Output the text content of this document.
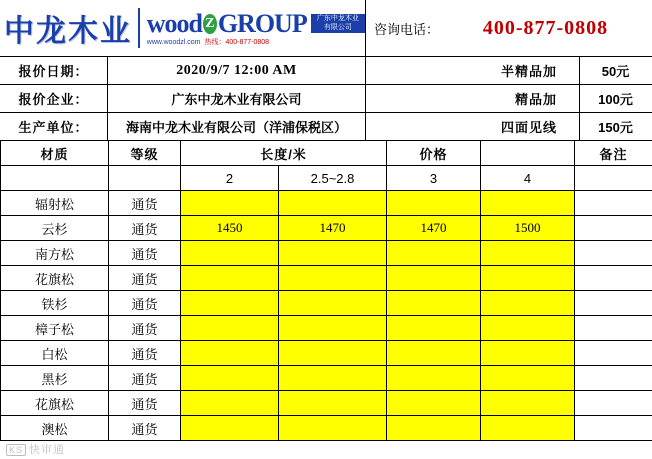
中龙木业 wood Z GROUP	广东中龙木业有限公司
www.woodzl.com 热线：400-877-0808
咨询电话：	400-877-0808
报价日期：	2020/9/7 12:00 AM	半精品加	50元
报价企业：	广东中龙木业有限公司	精品加	100元
生产单位：	海南中龙木业有限公司（洋浦保税区）	四面见线	150元
材质	等级	长度/米		价格		备注
		2	2.5~2.8	3	4	
辐射松	通货					
云杉	通货	1450	1470	1470	1500	
南方松	通货					
花旗松	通货					
铁杉	通货					
樟子松	通货					
白松	通货					
黑杉	通货					
花旗松	通货					
澳松	通货					
KS 快审通
